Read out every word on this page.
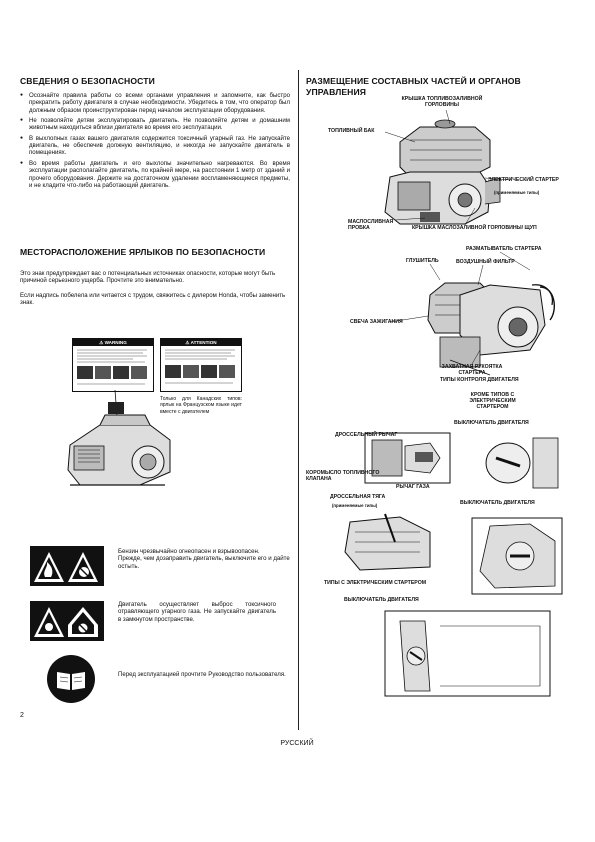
СВЕДЕНИЯ О БЕЗОПАСНОСТИ
● Осознайте правила работы со всеми органами управления и запомните, как быстро прекратить работу двигателя в случае необходимости. Убедитесь в том, что оператор был должным образом проинструктирован перед началом эксплуатации оборудования.
● Не позволяйте детям эксплуатировать двигатель. Не позволяйте детям и домашним животным находиться вблизи двигателя во время его эксплуатации.
● В выхлопных газах вашего двигателя содержится токсичный угарный газ. Не запускайте двигатель, не обеспечив должную вентиляцию, и никогда не запускайте двигатель в помещениях.
● Во время работы двигатель и его выхлопы значительно нагреваются. Во время эксплуатации располагайте двигатель, по крайней мере, на расстоянии 1 метр от зданий и прочего оборудования. Держите на достаточном удалении воспламеняющиеся предметы, и не кладите что-либо на работающий двигатель.
МЕСТОРАСПОЛОЖЕНИЕ ЯРЛЫКОВ ПО БЕЗОПАСНОСТИ
Это знак предупреждает вас о потенциальных источниках опасности, которые могут быть причиной серьезного ущерба. Прочтите это внимательно.
Если надпись побелела или читается с трудом, свяжитесь с дилером Honda, чтобы заменить знак.
⚠ WARNING	⚠ ATTENTION
Только для Канадских типов: ярлык на Французском языке идет вместе с двигателем
Бензин чрезвычайно огнеопасен и взрывоопасен.
Прежде, чем дозаправить двигатель, выключите его и дайте остыть.
Двигатель осуществляет выброс токсичного отравляющего угарного газа. Не запускайте двигатель в замкнутом пространстве.
Перед эксплуатацией прочтите Руководство пользователя.
2
РАЗМЕЩЕНИЕ СОСТАВНЫХ ЧАСТЕЙ И ОРГАНОВ УПРАВЛЕНИЯ
КРЫШКА ТОПЛИВОЗАЛИВНОЙ ГОРЛОВИНЫ
ТОПЛИВНЫЙ БАК
ЭЛЕКТРИЧЕСКИЙ СТАРТЕР
(применяемые типы)
МАСЛОСЛИВНАЯ ПРОБКА	КРЫШКА МАСЛОЗАЛИВНОЙ ГОРЛОВИНЫ/ ЩУП
РАЗМАТЫВАТЕЛЬ СТАРТЕРА
ГЛУШИТЕЛЬ	ВОЗДУШНЫЙ ФИЛЬТР
СВЕЧА ЗАЖИГАНИЯ
ЗАХВАТНАЯ РУКОЯТКА СТАРТЕРА
ТИПЫ КОНТРОЛЯ ДВИГАТЕЛЯ
ДРОССЕЛЬНЫЙ РЫЧАГ
КОРОМЫСЛО ТОПЛИВНОГО КЛАПАНА
РЫЧАГ ГАЗА
КРОМЕ ТИПОВ С ЭЛЕКТРИЧЕСКИМ СТАРТЕРОМ
ВЫКЛЮЧАТЕЛЬ ДВИГАТЕЛЯ
ДРОССЕЛЬНАЯ ТЯГА
(применяемые типы)	ВЫКЛЮЧАТЕЛЬ ДВИГАТЕЛЯ
ТИПЫ С ЭЛЕКТРИЧЕСКИМ СТАРТЕРОМ
ВЫКЛЮЧАТЕЛЬ ДВИГАТЕЛЯ
РУССКИЙ
